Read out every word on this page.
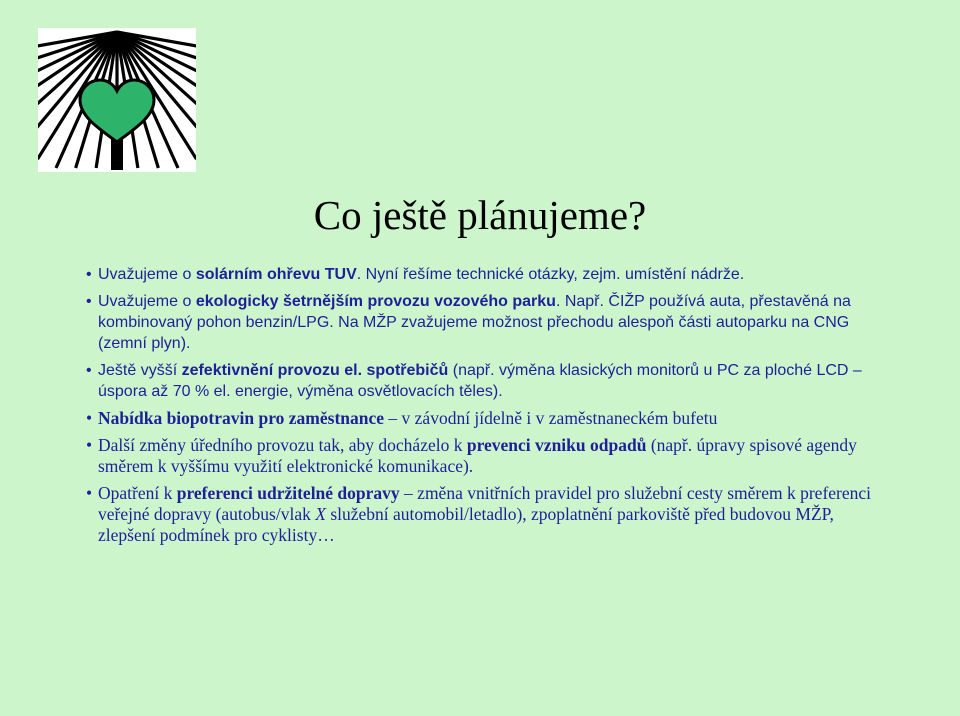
Co ještě plánujeme?
• Uvažujeme o solárním ohřevu TUV. Nyní řešíme technické otázky, zejm. umístění nádrže.
• Uvažujeme o ekologicky šetrnějším provozu vozového parku. Např. ČIŽP používá auta, přestavěná na kombinovaný pohon benzin/LPG. Na MŽP zvažujeme možnost přechodu alespoň části autoparku na CNG (zemní plyn).
• Ještě vyšší zefektivnění provozu el. spotřebičů (např. výměna klasických monitorů u PC za ploché LCD – úspora až 70 % el. energie, výměna osvětlovacích těles).
• Nabídka biopotravin pro zaměstnance – v závodní jídelně i v zaměstnaneckém bufetu
• Další změny úředního provozu tak, aby docházelo k prevenci vzniku odpadů (např. úpravy spisové agendy směrem k vyššímu využití elektronické komunikace).
• Opatření k preferenci udržitelné dopravy – změna vnitřních pravidel pro služební cesty směrem k preferenci veřejné dopravy (autobus/vlak X služební automobil/letadlo), zpoplatnění parkoviště před budovou MŽP, zlepšení podmínek pro cyklisty…
